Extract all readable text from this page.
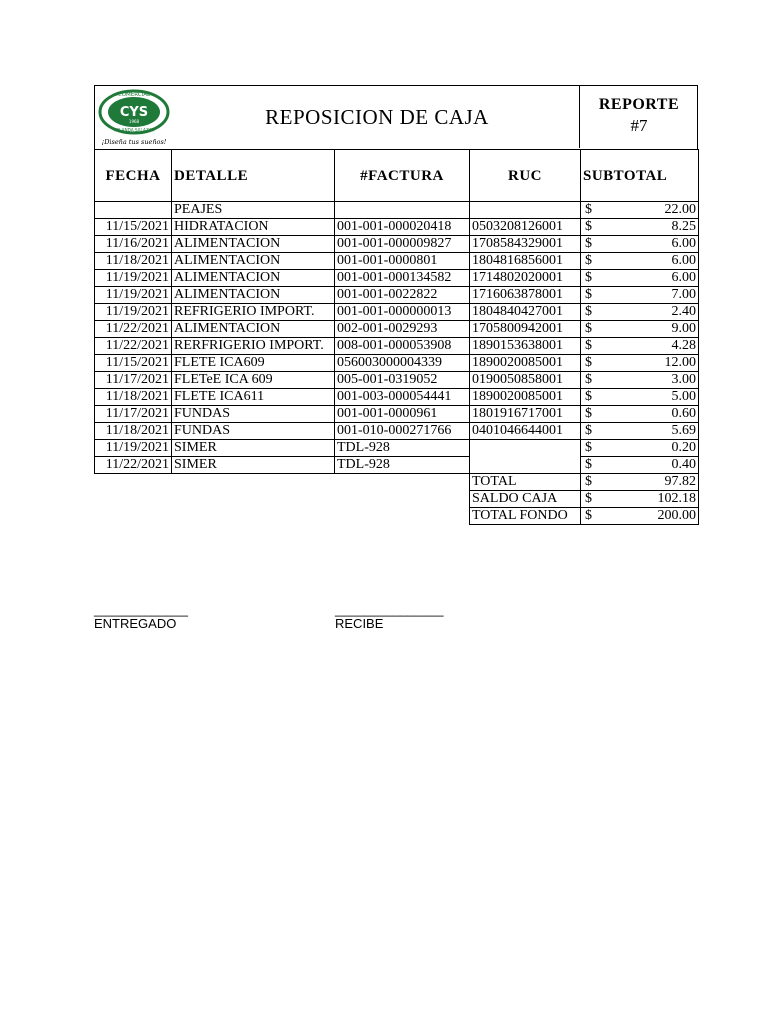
COMERCIAL
CYS
1968
YOLANDA SALAZAR
¡Diseña tus sueños!
REPOSICION DE CAJA	REPORTE
#7
FECHA	DETALLE	#FACTURA	RUC	SUBTOTAL
	PEAJES			$ 22.00
11/15/2021	HIDRATACION	001-001-000020418	0503208126001	$ 8.25
11/16/2021	ALIMENTACION	001-001-000009827	1708584329001	$ 6.00
11/18/2021	ALIMENTACION	001-001-0000801	1804816856001	$ 6.00
11/19/2021	ALIMENTACION	001-001-000134582	1714802020001	$ 6.00
11/19/2021	ALIMENTACION	001-001-0022822	1716063878001	$ 7.00
11/19/2021	REFRIGERIO IMPORT.	001-001-000000013	1804840427001	$ 2.40
11/22/2021	ALIMENTACION	002-001-0029293	1705800942001	$ 9.00
11/22/2021	RERFRIGERIO IMPORT.	008-001-000053908	1890153638001	$ 4.28
11/15/2021	FLETE ICA609	056003000004339	1890020085001	$ 12.00
11/17/2021	FLETeE ICA 609	005-001-0319052	0190050858001	$ 3.00
11/18/2021	FLETE ICA611	001-003-000054441	1890020085001	$ 5.00
11/17/2021	FUNDAS	001-001-0000961	1801916717001	$ 0.60
11/18/2021	FUNDAS	001-010-000271766	0401046644001	$ 5.69
11/19/2021	SIMER	TDL-928		$ 0.20
11/22/2021	SIMER	TDL-928		$ 0.40
			TOTAL	$ 97.82
			SALDO CAJA	$ 102.18
			TOTAL FONDO	$ 200.00
_____________
ENTREGADO
_______________
RECIBE
